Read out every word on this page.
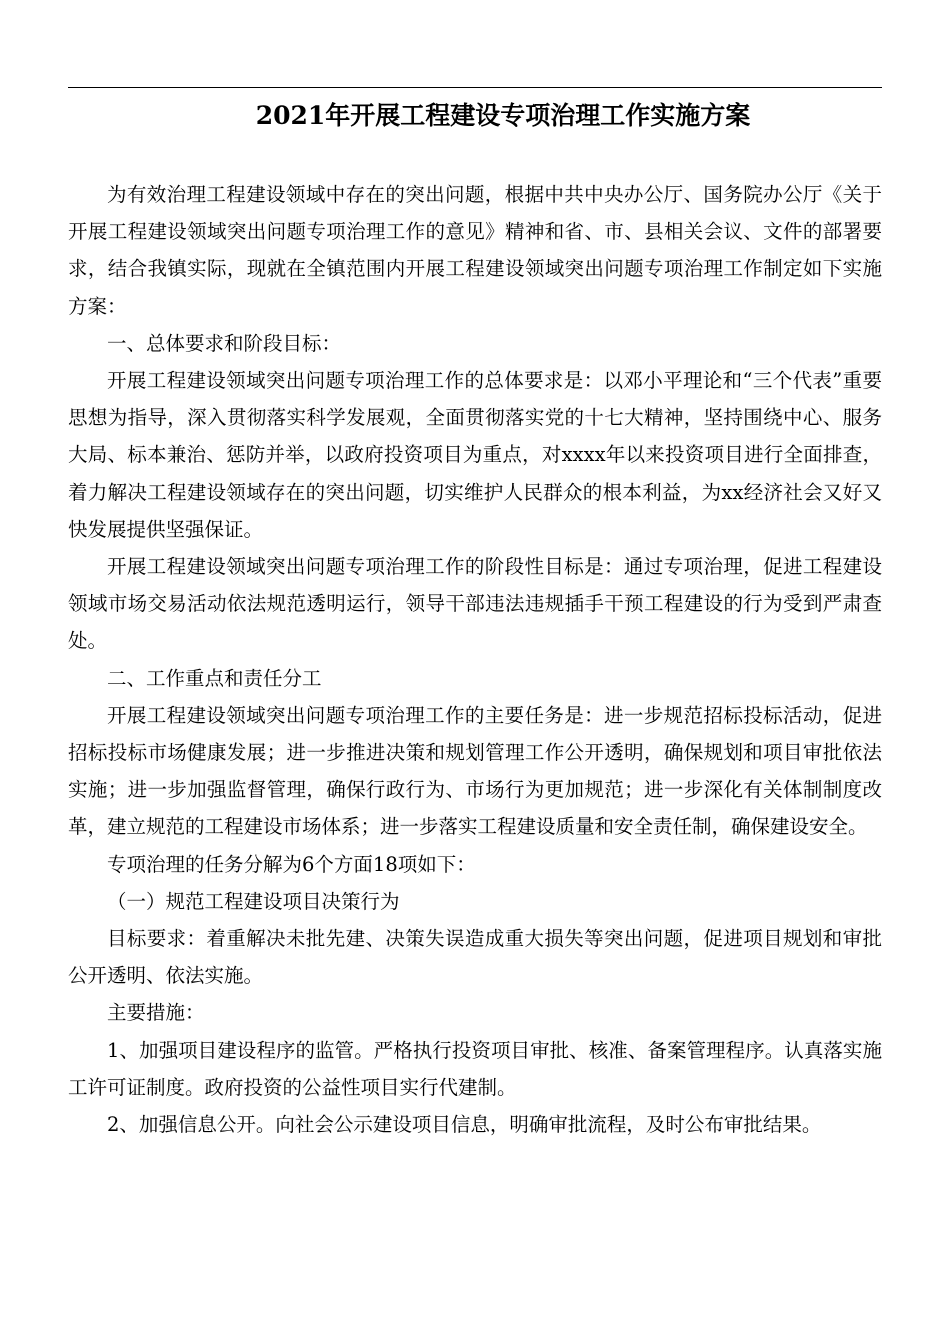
2021年开展工程建设专项治理工作实施方案

为有效治理工程建设领域中存在的突出问题，根据中共中央办公厅、国务院办公厅《关于开展工程建设领域突出问题专项治理工作的意见》精神和省、市、县相关会议、文件的部署要求，结合我镇实际，现就在全镇范围内开展工程建设领域突出问题专项治理工作制定如下实施方案：

一、总体要求和阶段目标：

开展工程建设领域突出问题专项治理工作的总体要求是：以邓小平理论和“三个代表”重要思想为指导，深入贯彻落实科学发展观，全面贯彻落实党的十七大精神，坚持围绕中心、服务大局、标本兼治、惩防并举，以政府投资项目为重点，对xxxx年以来投资项目进行全面排查，着力解决工程建设领域存在的突出问题，切实维护人民群众的根本利益，为xx经济社会又好又快发展提供坚强保证。

开展工程建设领域突出问题专项治理工作的阶段性目标是：通过专项治理，促进工程建设领域市场交易活动依法规范透明运行，领导干部违法违规插手干预工程建设的行为受到严肃查处。

二、工作重点和责任分工

开展工程建设领域突出问题专项治理工作的主要任务是：进一步规范招标投标活动，促进招标投标市场健康发展；进一步推进决策和规划管理工作公开透明，确保规划和项目审批依法实施；进一步加强监督管理，确保行政行为、市场行为更加规范；进一步深化有关体制制度改革，建立规范的工程建设市场体系；进一步落实工程建设质量和安全责任制，确保建设安全。

专项治理的任务分解为6个方面18项如下：

（一）规范工程建设项目决策行为

目标要求：着重解决未批先建、决策失误造成重大损失等突出问题，促进项目规划和审批公开透明、依法实施。

主要措施：

1、加强项目建设程序的监管。严格执行投资项目审批、核准、备案管理程序。认真落实施工许可证制度。政府投资的公益性项目实行代建制。

2、加强信息公开。向社会公示建设项目信息，明确审批流程，及时公布审批结果。
